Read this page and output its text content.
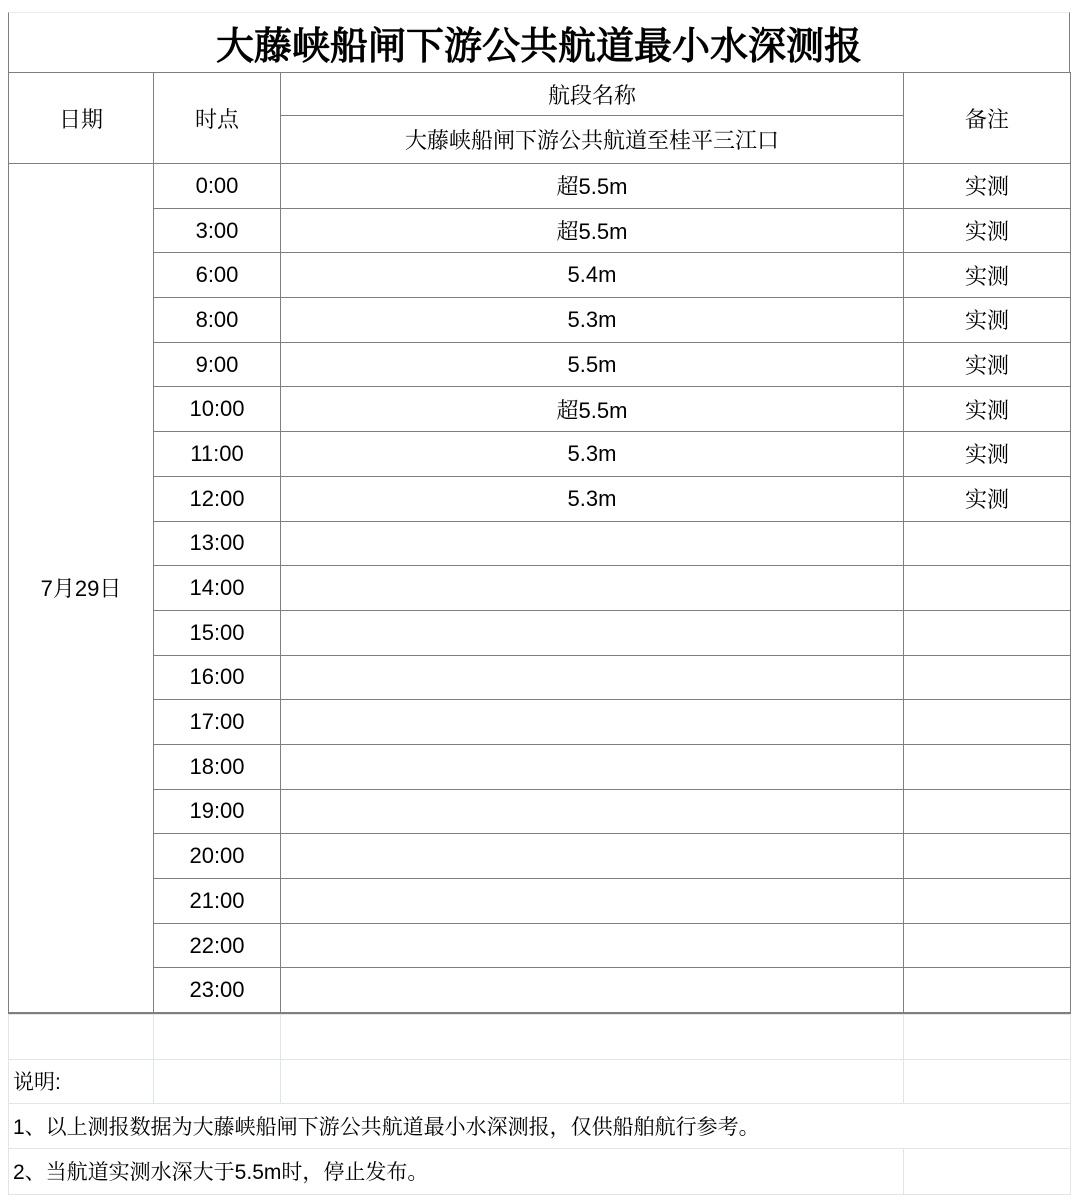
大藤峡船闸下游公共航道最小水深测报
日期	时点	航段名称	备注
		大藤峡船闸下游公共航道至桂平三江口	
7月29日	0:00	超5.5m	实测
	3:00	超5.5m	实测
	6:00	5.4m	实测
	8:00	5.3m	实测
	9:00	5.5m	实测
	10:00	超5.5m	实测
	11:00	5.3m	实测
	12:00	5.3m	实测
	13:00		
	14:00		
	15:00		
	16:00		
	17:00		
	18:00		
	19:00		
	20:00		
	21:00		
	22:00		
	23:00		

说明:			
1、以上测报数据为大藤峡船闸下游公共航道最小水深测报，仅供船舶航行参考。			
2、当航道实测水深大于5.5m时，停止发布。			
